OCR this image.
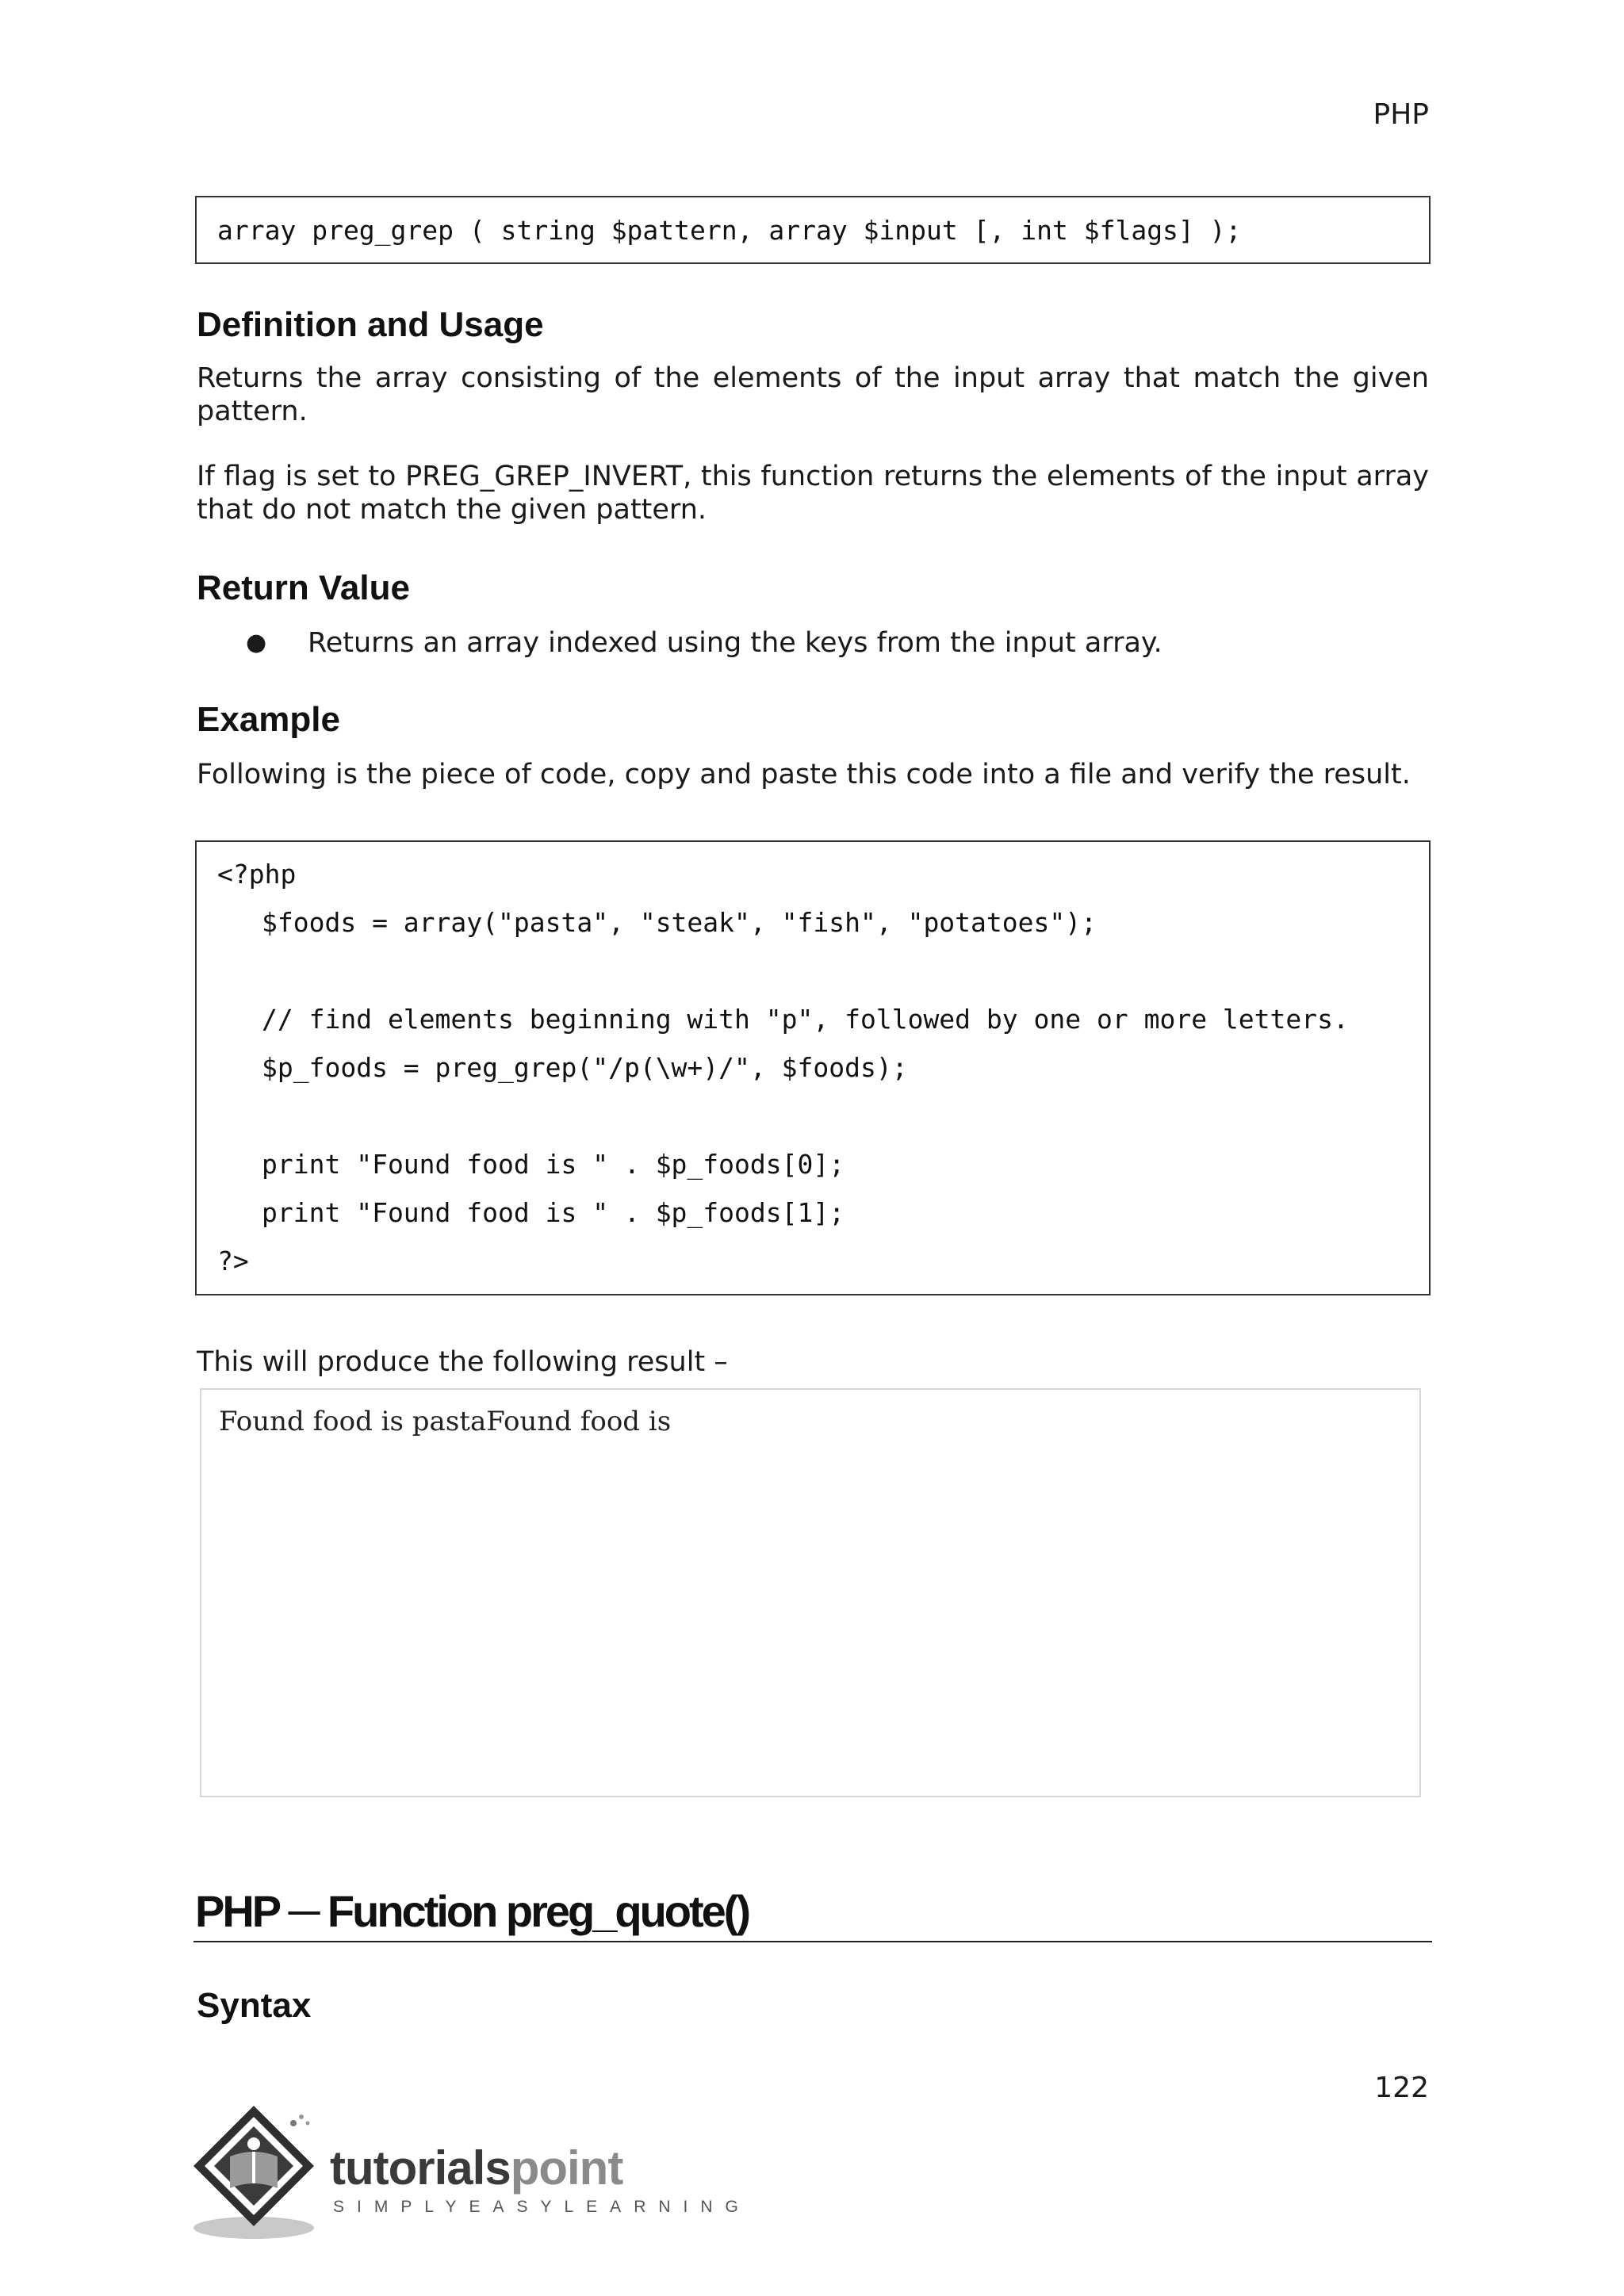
PHP
array preg_grep ( string $pattern, array $input [, int $flags] );
Definition and Usage
Returns the array consisting of the elements of the input array that match the given pattern.
If flag is set to PREG_GREP_INVERT, this function returns the elements of the input array that do not match the given pattern.
Return Value
● Returns an array indexed using the keys from the input array.
Example
Following is the piece of code, copy and paste this code into a file and verify the result.
<?php
$foods = array("pasta", "steak", "fish", "potatoes");
// find elements beginning with "p", followed by one or more letters.
$p_foods = preg_grep("/p(\w+)/", $foods);
print "Found food is " . $p_foods[0];
print "Found food is " . $p_foods[1];
?>
This will produce the following result –
Found food is pastaFound food is
PHP ─ Function preg_quote()
Syntax
122
tutorialspoint
SIMPLYEASYLEARNING
